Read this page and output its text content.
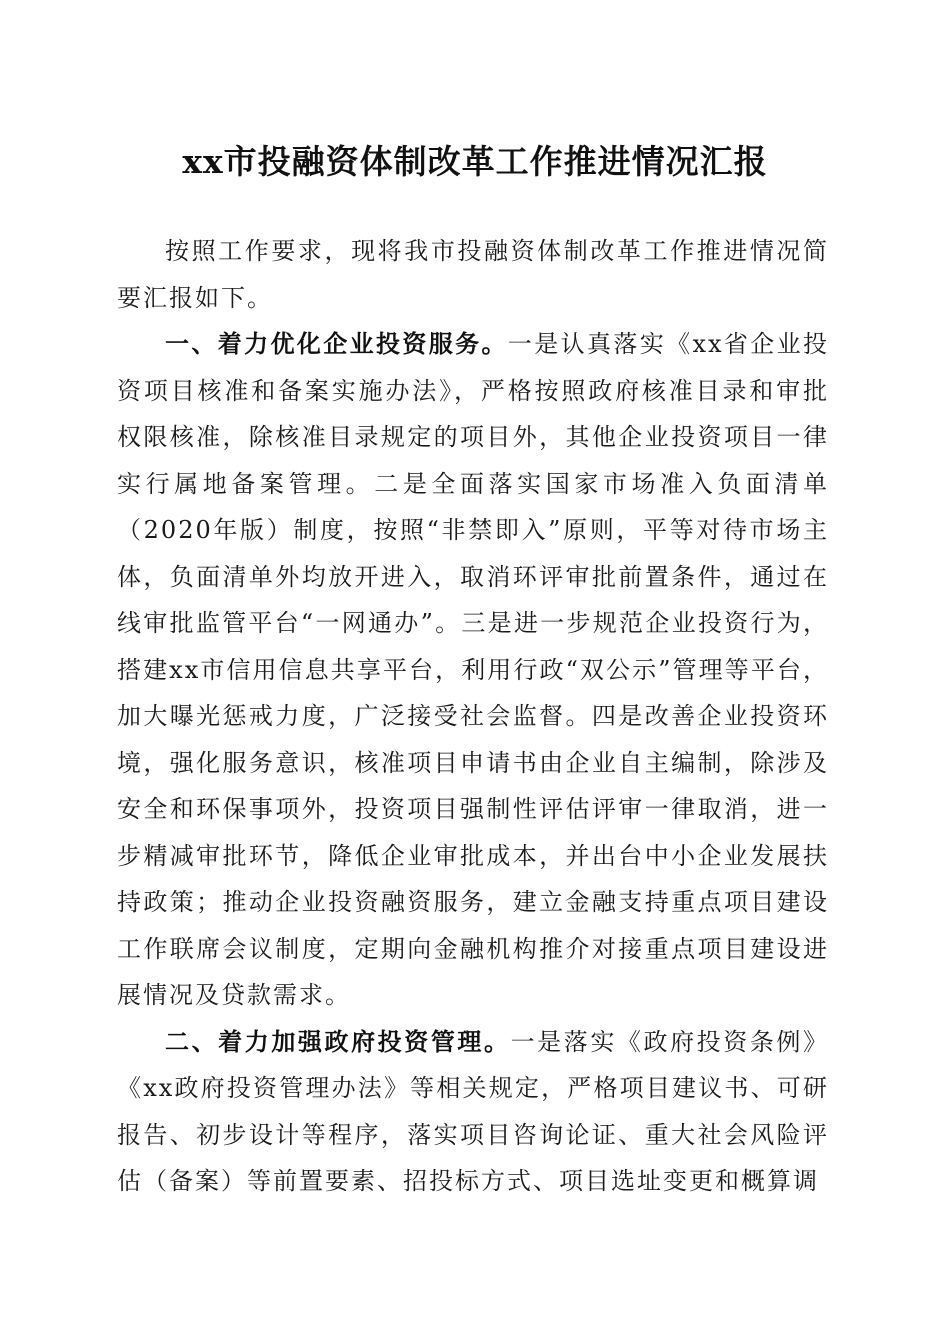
xx市投融资体制改革工作推进情况汇报

按照工作要求，现将我市投融资体制改革工作推进情况简要汇报如下。

一、着力优化企业投资服务。一是认真落实《xx省企业投资项目核准和备案实施办法》，严格按照政府核准目录和审批权限核准，除核准目录规定的项目外，其他企业投资项目一律实行属地备案管理。二是全面落实国家市场准入负面清单（2020年版）制度，按照“非禁即入”原则，平等对待市场主体，负面清单外均放开进入，取消环评审批前置条件，通过在线审批监管平台“一网通办”。三是进一步规范企业投资行为，搭建xx市信用信息共享平台，利用行政“双公示”管理等平台，加大曝光惩戒力度，广泛接受社会监督。四是改善企业投资环境，强化服务意识，核准项目申请书由企业自主编制，除涉及安全和环保事项外，投资项目强制性评估评审一律取消，进一步精减审批环节，降低企业审批成本，并出台中小企业发展扶持政策；推动企业投资融资服务，建立金融支持重点项目建设工作联席会议制度，定期向金融机构推介对接重点项目建设进展情况及贷款需求。

二、着力加强政府投资管理。一是落实《政府投资条例》《xx政府投资管理办法》等相关规定，严格项目建议书、可研报告、初步设计等程序，落实项目咨询论证、重大社会风险评估（备案）等前置要素、招投标方式、项目选址变更和概算调
